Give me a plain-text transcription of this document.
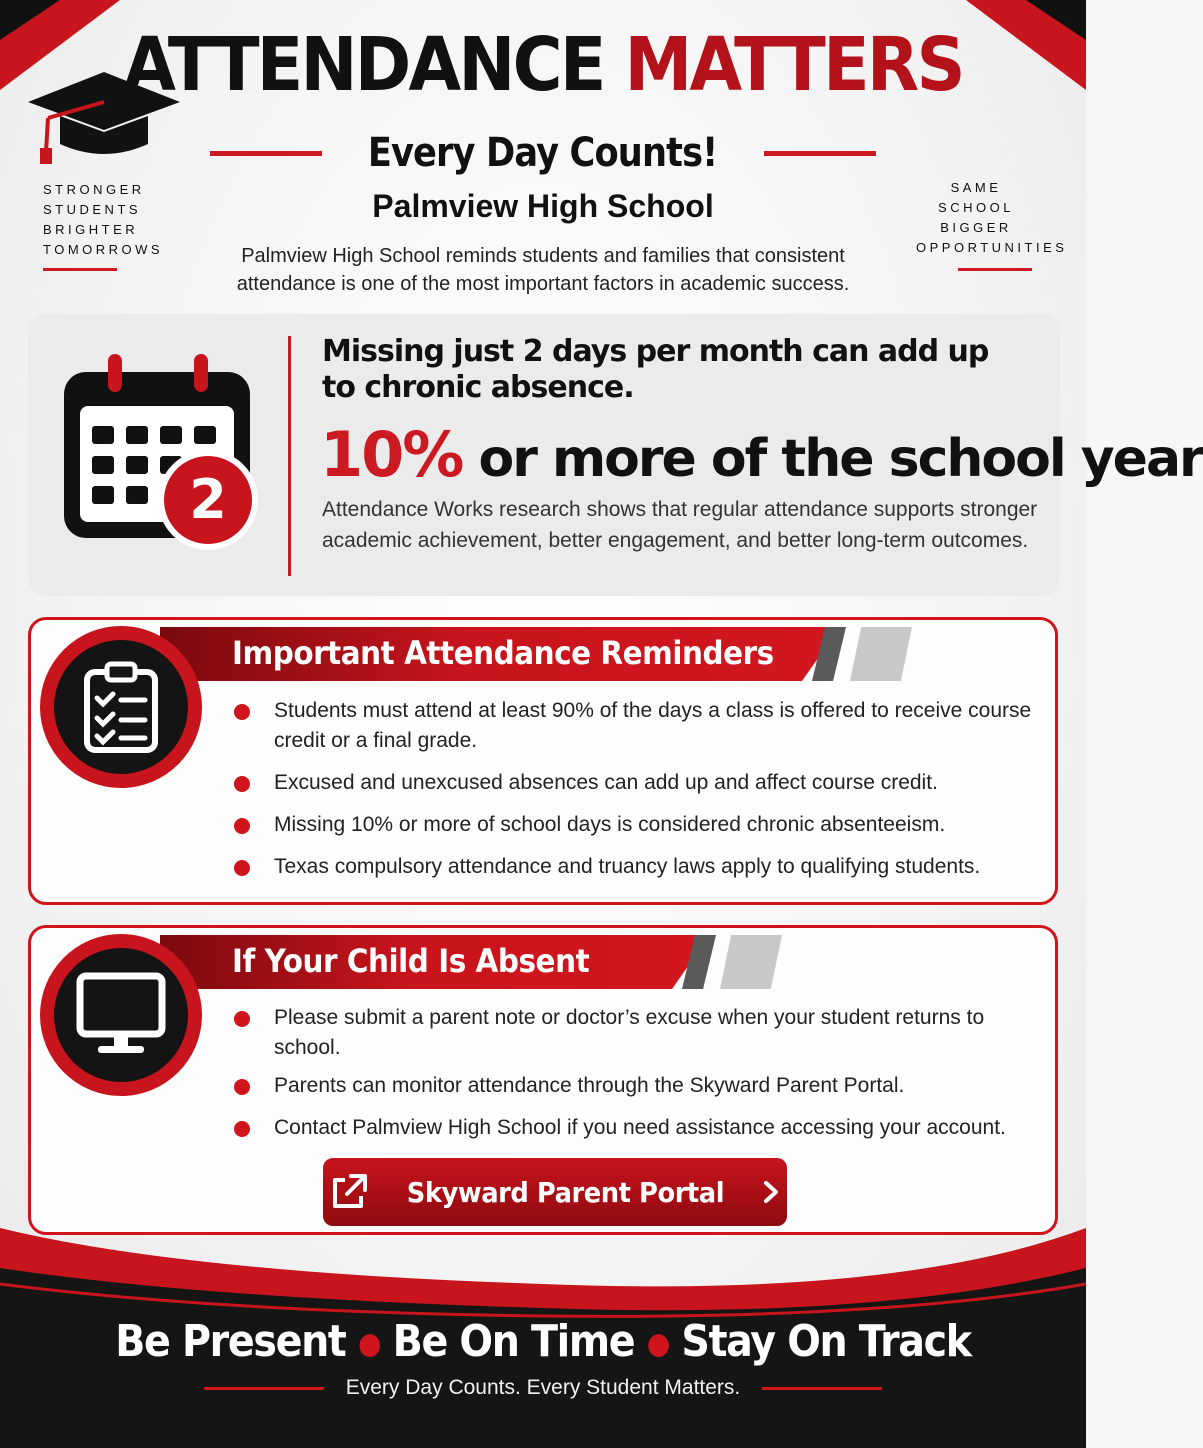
STRONGER
STUDENTS
BRIGHTER
TOMORROWS
SAME
SCHOOL
BIGGER
OPPORTUNITIES
ATTENDANCE MATTERS
Every Day Counts!
Palmview High School
Palmview High School reminds students and families that consistent attendance is one of the most important factors in academic success.
2
Missing just 2 days per month can add up to chronic absence.
10% or more of the school year
Attendance Works research shows that regular attendance supports stronger academic achievement, better engagement, and better long-term outcomes.
Important Attendance Reminders
Students must attend at least 90% of the days a class is offered to receive course credit or a final grade.
Excused and unexcused absences can add up and affect course credit.
Missing 10% or more of school days is considered chronic absenteeism.
Texas compulsory attendance and truancy laws apply to qualifying students.
If Your Child Is Absent
Please submit a parent note or doctor’s excuse when your student returns to school.
Parents can monitor attendance through the Skyward Parent Portal.
Contact Palmview High School if you need assistance accessing your account.
Skyward Parent Portal
Be Present ● Be On Time ● Stay On Track
Every Day Counts. Every Student Matters.
